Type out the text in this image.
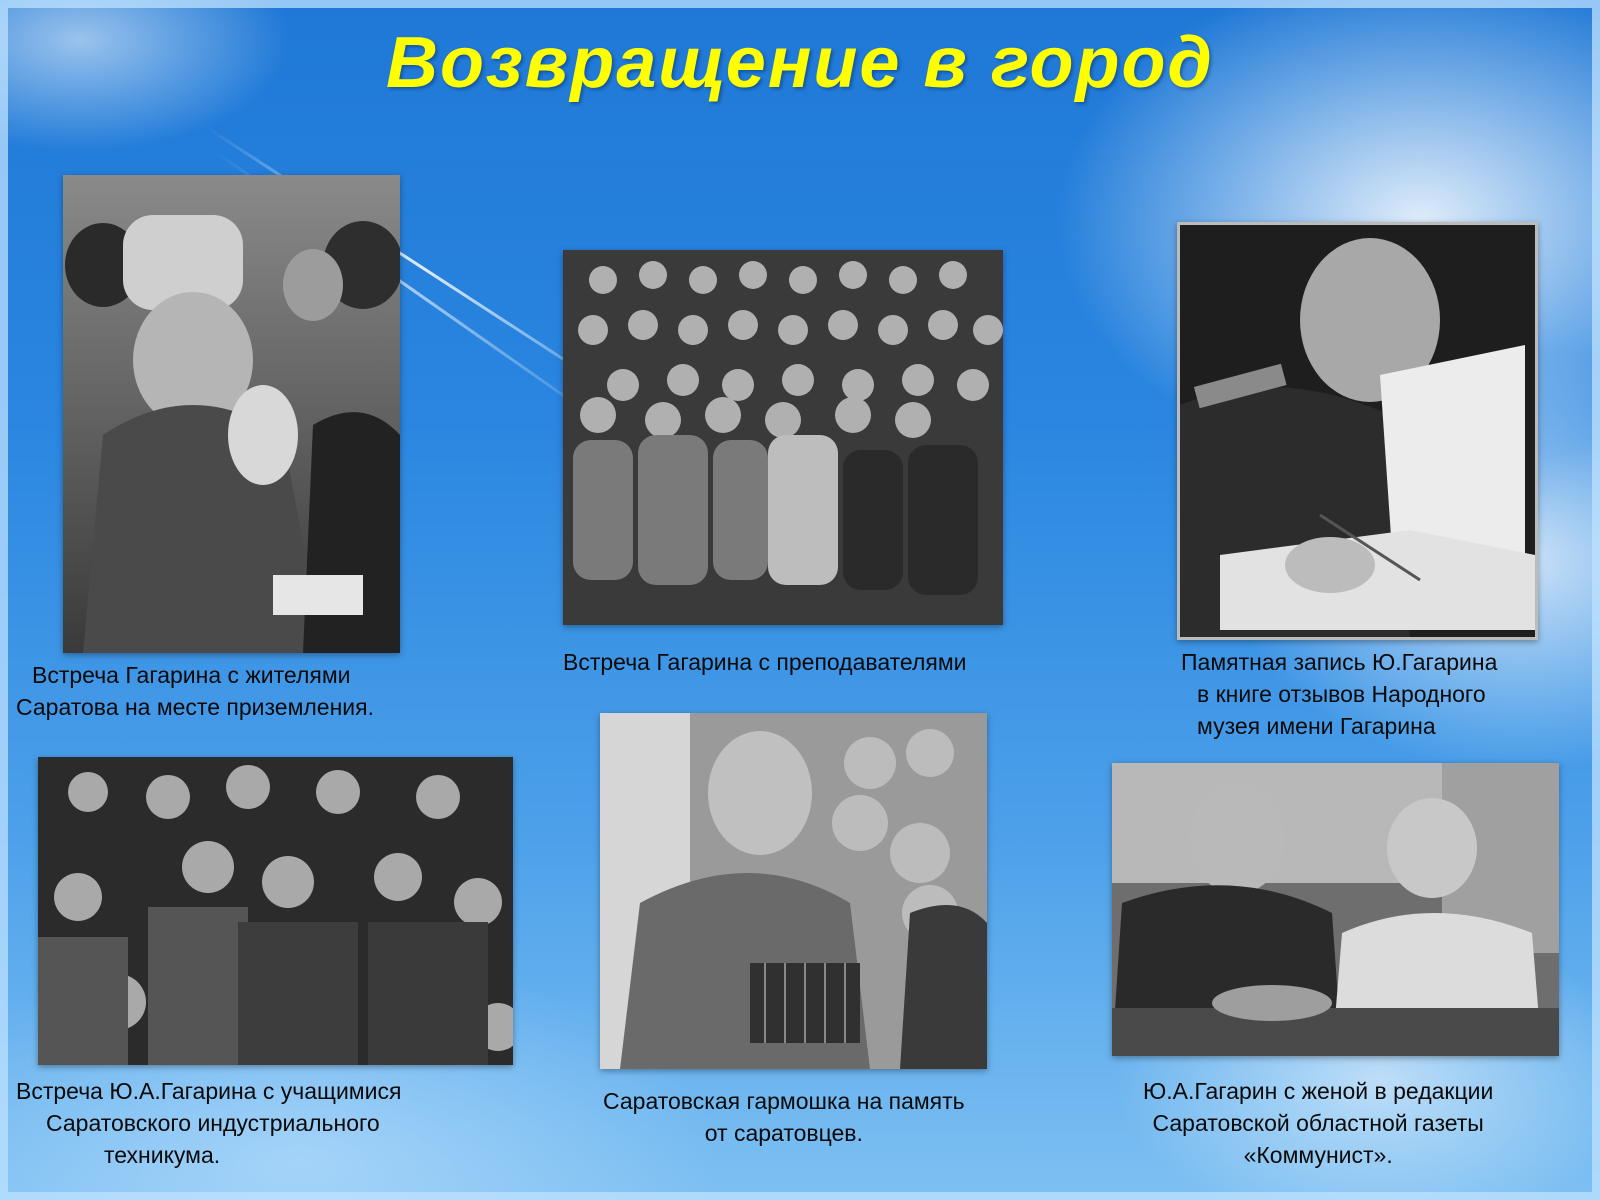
Возвращение в город
Встреча Гагарина с жителями
Саратова на месте приземления.
Встреча Гагарина с преподавателями	Памятная запись Ю.Гагарина
в книге отзывов Народного
музея имени Гагарина
Встреча Ю.А.Гагарина с учащимися
Саратовского индустриального
техникума.
Саратовская гармошка на память
от саратовцев.
Ю.А.Гагарин с женой в редакции
Саратовской областной газеты
«Коммунист».
